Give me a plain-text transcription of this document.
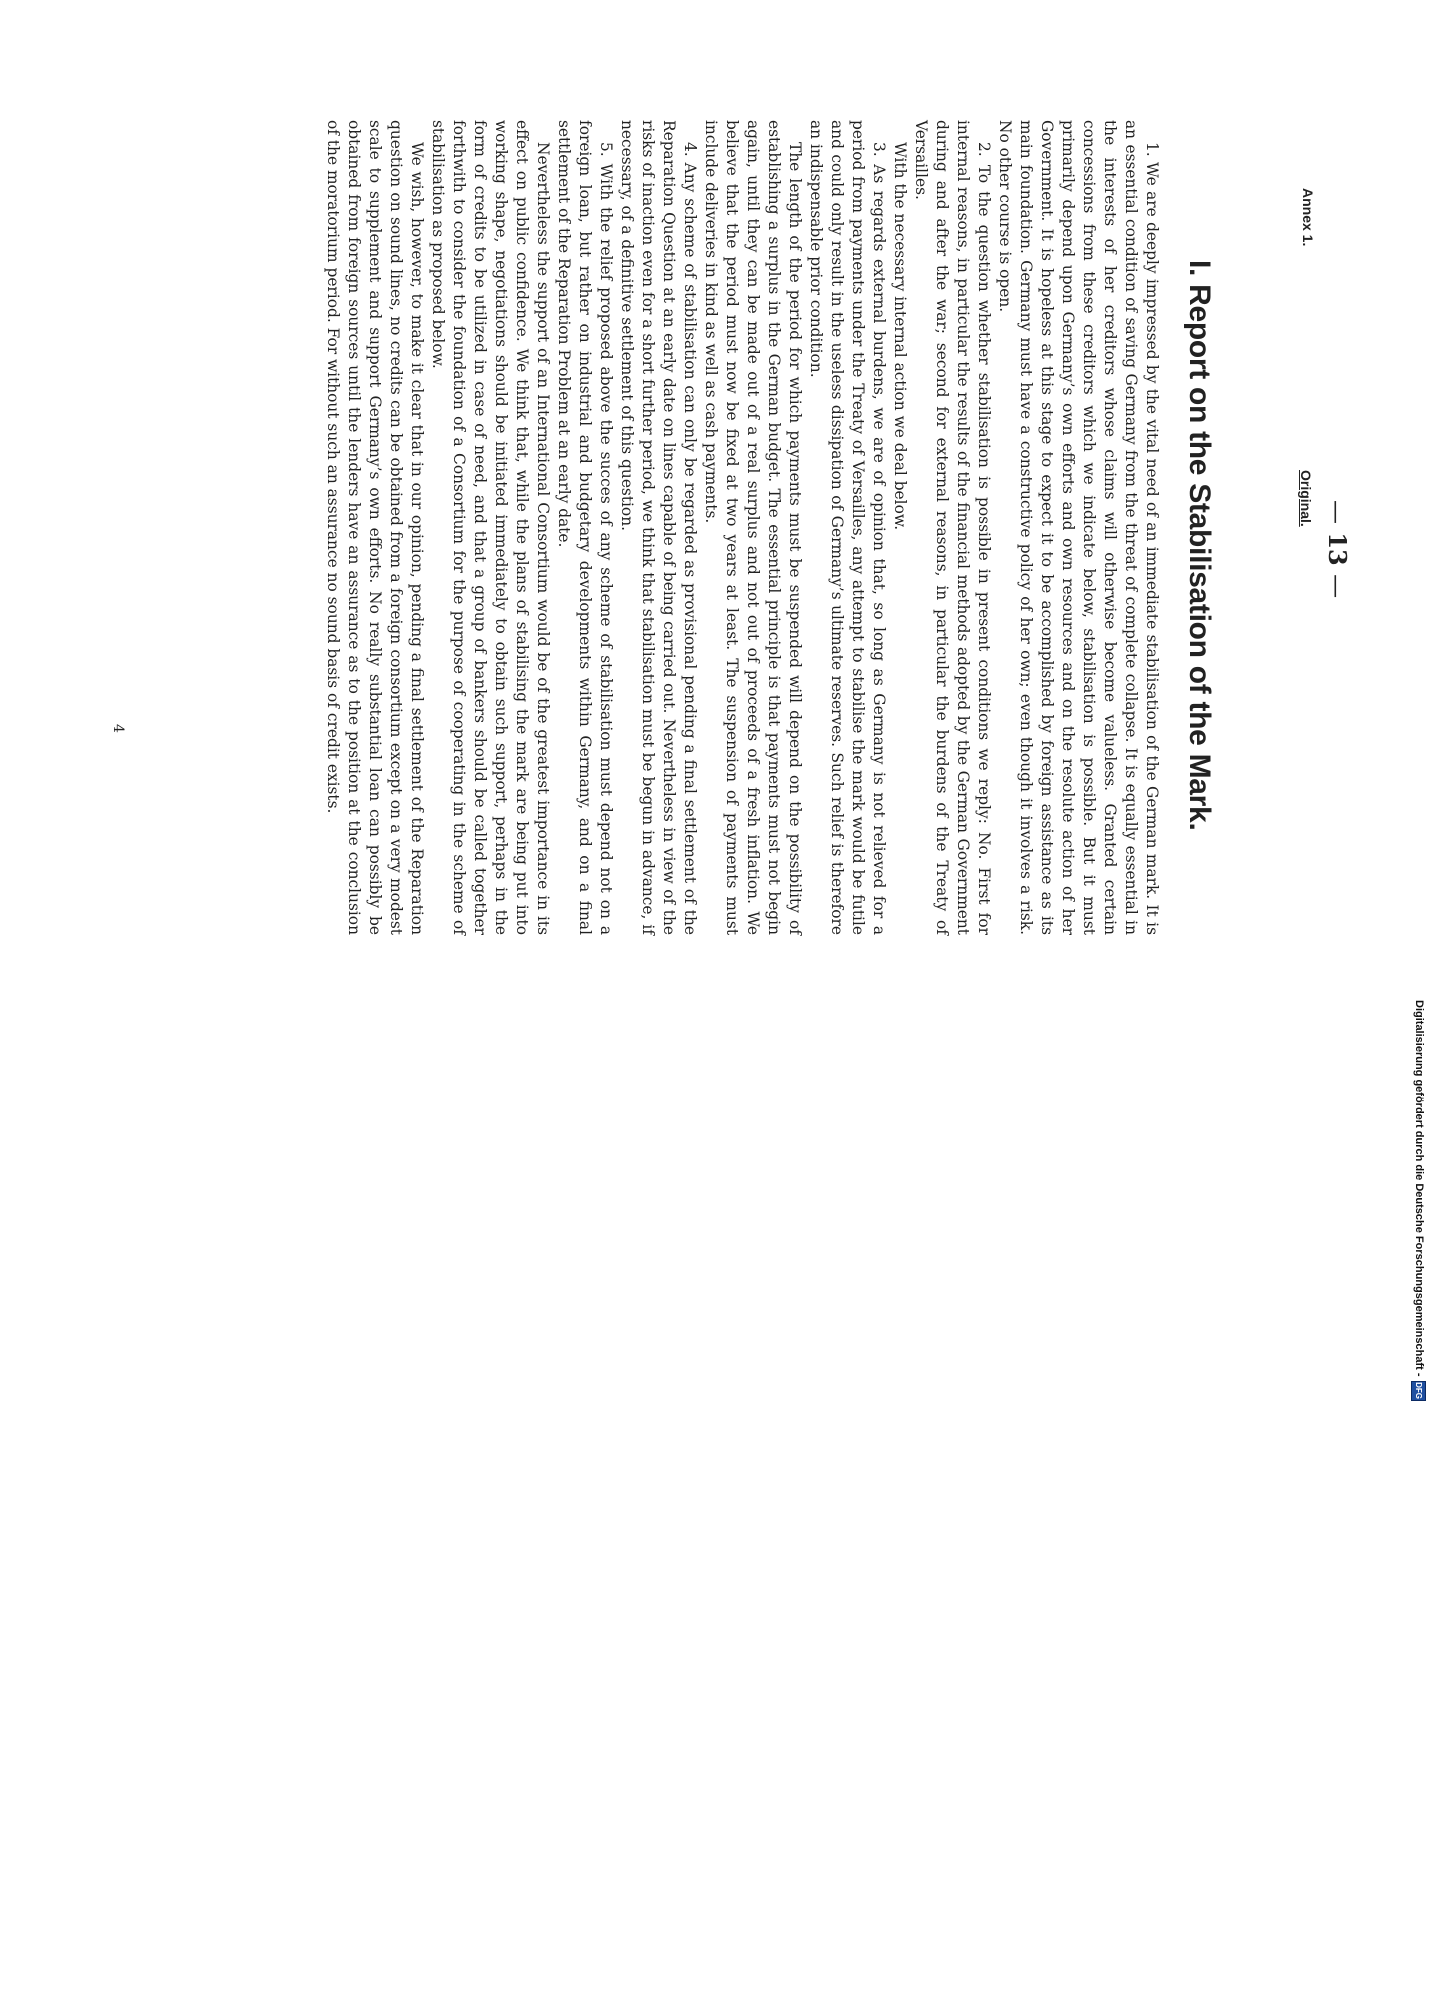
— 13 —
Original.
Annex 1.
I. Report on the Stabilisation of the Mark.

1. We are deeply impressed by the vital need of an immediate stabilisation of the German mark. It is an essential condition of saving Germany from the threat of complete collapse. It is equally essential in the interests of her creditors whose claims will otherwise become valueless. Granted certain concessions from these creditors which we indicate below, stabilisation is possible. But it must primarily depend upon Germany’s own efforts and own resources and on the resolute action of her Government. It is hopeless at this stage to expect it to be accomplished by foreign assistance as its main foundation. Germany must have a constructive policy of her own; even though it involves a risk. No other course is open.

2. To the question whether stabilisation is possible in present conditions we reply: No. First for internal reasons, in particular the results of the financial methods adopted by the German Government during and after the war; second for external reasons, in particular the burdens of the Treaty of Versailles.

With the necessary internal action we deal below.

3. As regards external burdens, we are of opinion that, so long as Germany is not relieved for a period from payments under the Treaty of Versailles, any attempt to stabilise the mark would be futile and could only result in the useless dissipation of Germany’s ultimate reserves. Such relief is therefore an indispensable prior condition.

The length of the period for which payments must be suspended will depend on the possibility of establishing a surplus in the German budget. The essential principle is that payments must not begin again, until they can be made out of a real surplus and not out of proceeds of a fresh inflation. We believe that the period must now be fixed at two years at least. The suspension of payments must include deliveries in kind as well as cash payments.

4. Any scheme of stabilisation can only be regarded as provisional pending a final settlement of the Reparation Question at an early date on lines capable of being carried out. Nevertheless in view of the risks of inaction even for a short further period, we think that stabilisation must be begun in advance, if necessary, of a definitive settlement of this question.

5. With the relief proposed above the succes of any scheme of stabilisation must depend not on a foreign loan, but rather on industrial and budgetary developments within Germany, and on a final settlement of the Reparation Problem at an early date.

Nevertheless the support of an International Consortium would be of the greatest importance in its effect on public confidence. We think that, while the plans of stabilising the mark are being put into working shape, negotiations should be initiated immediately to obtain such support, perhaps in the form of credits to be utilized in case of need, and that a group of bankers should be called together forthwith to consider the foundation of a Consortium for the purpose of cooperating in the scheme of stabilisation as proposed below.

We wish, however, to make it clear that in our opinion, pending a final settlement of the Reparation question on sound lines, no credits can be obtained from a foreign consortium except on a very modest scale to supplement and support Germany’s own efforts. No really substantial loan can possibly be obtained from foreign sources until the lenders have an assurance as to the position at the conclusion of the moratorium period. For without such an assurance no sound basis of credit exists.

4
Digitalisierung gefördert durch die Deutsche Forschungsgemeinschaft -
DFG
